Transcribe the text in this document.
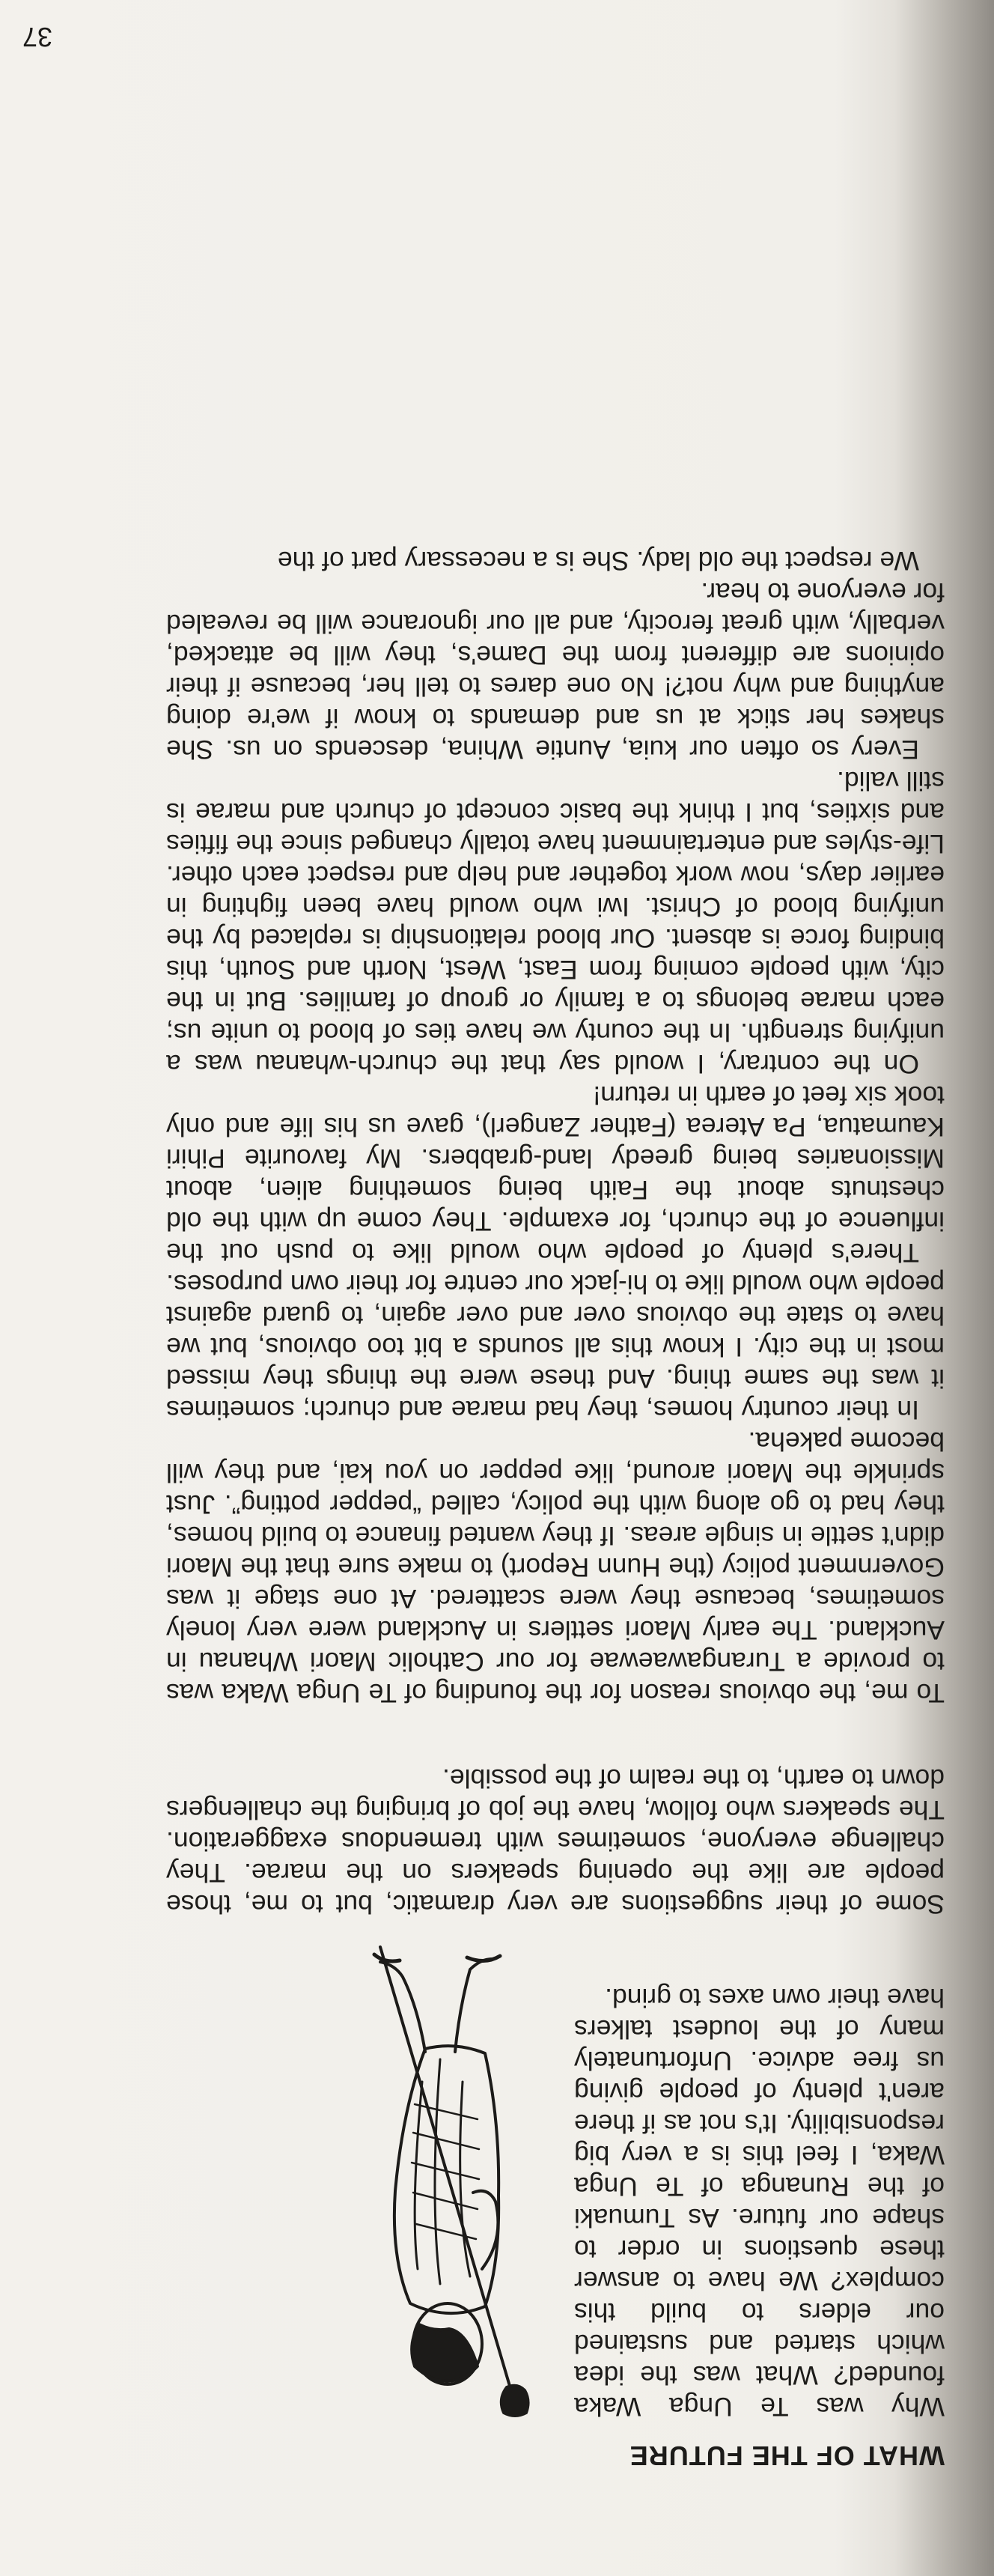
37
WHAT OF THE FUTURE

Why was Te Unga Waka founded? What was the idea which started and sustained our elders to build this complex? We have to answer these questions in order to shape our future. As Tumuaki of the Runanga of Te Unga Waka, I feel this is a very big responsibility. It's not as if there aren't plenty of people giving us free advice. Unfortunately many of the loudest talkers have their own axes to grind.

Some of their suggestions are very dramatic, but to me, those people are like the opening speakers on the marae. They challenge everyone, sometimes with tremendous exaggeration. The speakers who follow, have the job of bringing the challengers down to earth, to the realm of the possible.

To me, the obvious reason for the founding of Te Unga Waka was to provide a Turangawaewae for our Catholic Maori Whanau in Auckland. The early Maori settlers in Auckland were very lonely sometimes, because they were scattered. At one stage it was Government policy (the Hunn Report) to make sure that the Maori didn't settle in single areas. If they wanted finance to build homes, they had to go along with the policy, called “pepper potting”. Just sprinkle the Maori around, like pepper on you kai, and they will become pakeha.

In their country homes, they had marae and church; sometimes it was the same thing. And these were the things they missed most in the city. I know this all sounds a bit too obvious, but we have to state the obvious over and over again, to guard against people who would like to hi-jack our centre for their own purposes.

There's plenty of people who would like to push out the influence of the church, for example. They come up with the old chestnuts about the Faith being something alien, about Missionaries being greedy land-grabbers. My favourite Pihiri Kaumatua, Pa Aterea (Father Zangerl), gave us his life and only took six feet of earth in return!

On the contrary, I would say that the church-whanau was a unifying strength. In the county we have ties of blood to unite us; each marae belongs to a family or group of families. But in the city, with people coming from East, West, North and South, this binding force is absent. Our blood relationship is replaced by the unifying blood of Christ. Iwi who would have been fighting in earlier days, now work together and help and respect each other. Life-styles and entertainment have totally changed since the fifties and sixties, but I think the basic concept of church and marae is still valid.

Every so often our kuia, Auntie Whina, descends on us. She shakes her stick at us and demands to know if we're doing anything and why not?! No one dares to tell her, because if their opinions are different from the Dame's, they will be attacked, verbally, with great ferocity, and all our ignorance will be revealed for everyone to hear.

We respect the old lady. She is a necessary part of the
